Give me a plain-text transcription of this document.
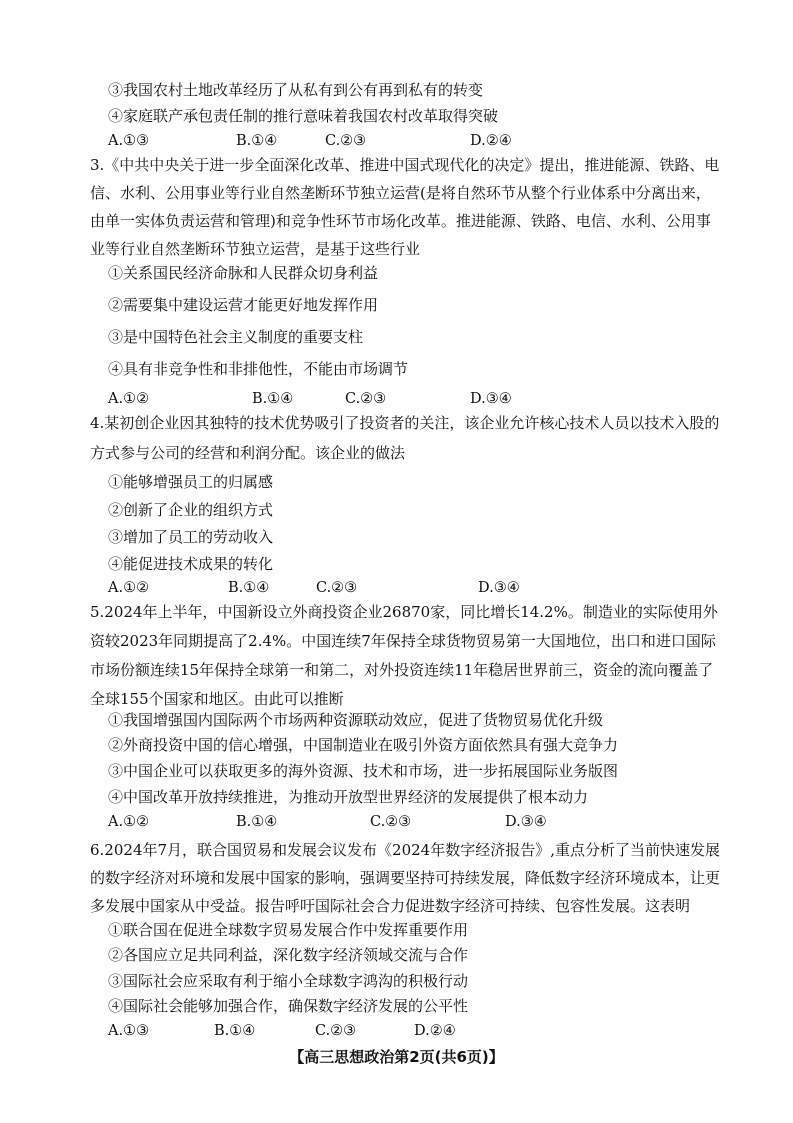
③我国农村土地改革经历了从私有到公有再到私有的转变
④家庭联产承包责任制的推行意味着我国农村改革取得突破
A.①③	B.①④	C.②③	D.②④
3.《中共中央关于进一步全面深化改革、推进中国式现代化的决定》提出，推进能源、铁路、电信、水利、公用事业等行业自然垄断环节独立运营(是将自然环节从整个行业体系中分离出来，由单一实体负责运营和管理)和竞争性环节市场化改革。推进能源、铁路、电信、水利、公用事业等行业自然垄断环节独立运营，是基于这些行业
①关系国民经济命脉和人民群众切身利益
②需要集中建设运营才能更好地发挥作用
③是中国特色社会主义制度的重要支柱
④具有非竞争性和非排他性，不能由市场调节
A.①②	B.①④	C.②③	D.③④
4.某初创企业因其独特的技术优势吸引了投资者的关注，该企业允许核心技术人员以技术入股的方式参与公司的经营和利润分配。该企业的做法
①能够增强员工的归属感
②创新了企业的组织方式
③增加了员工的劳动收入
④能促进技术成果的转化
A.①②	B.①④	C.②③	D.③④
5.2024年上半年，中国新设立外商投资企业26870家，同比增长14.2%。制造业的实际使用外资较2023年同期提高了2.4%。中国连续7年保持全球货物贸易第一大国地位，出口和进口国际市场份额连续15年保持全球第一和第二，对外投资连续11年稳居世界前三，资金的流向覆盖了全球155个国家和地区。由此可以推断
①我国增强国内国际两个市场两种资源联动效应，促进了货物贸易优化升级
②外商投资中国的信心增强，中国制造业在吸引外资方面依然具有强大竞争力
③中国企业可以获取更多的海外资源、技术和市场，进一步拓展国际业务版图
④中国改革开放持续推进，为推动开放型世界经济的发展提供了根本动力
A.①②	B.①④	C.②③	D.③④
6.2024年7月，联合国贸易和发展会议发布《2024年数字经济报告》,重点分析了当前快速发展的数字经济对环境和发展中国家的影响，强调要坚持可持续发展，降低数字经济环境成本，让更多发展中国家从中受益。报告呼吁国际社会合力促进数字经济可持续、包容性发展。这表明
①联合国在促进全球数字贸易发展合作中发挥重要作用
②各国应立足共同利益，深化数字经济领域交流与合作
③国际社会应采取有利于缩小全球数字鸿沟的积极行动
④国际社会能够加强合作，确保数字经济发展的公平性
A.①③	B.①④	C.②③	D.②④
【高三思想政治第2页(共6页)】
